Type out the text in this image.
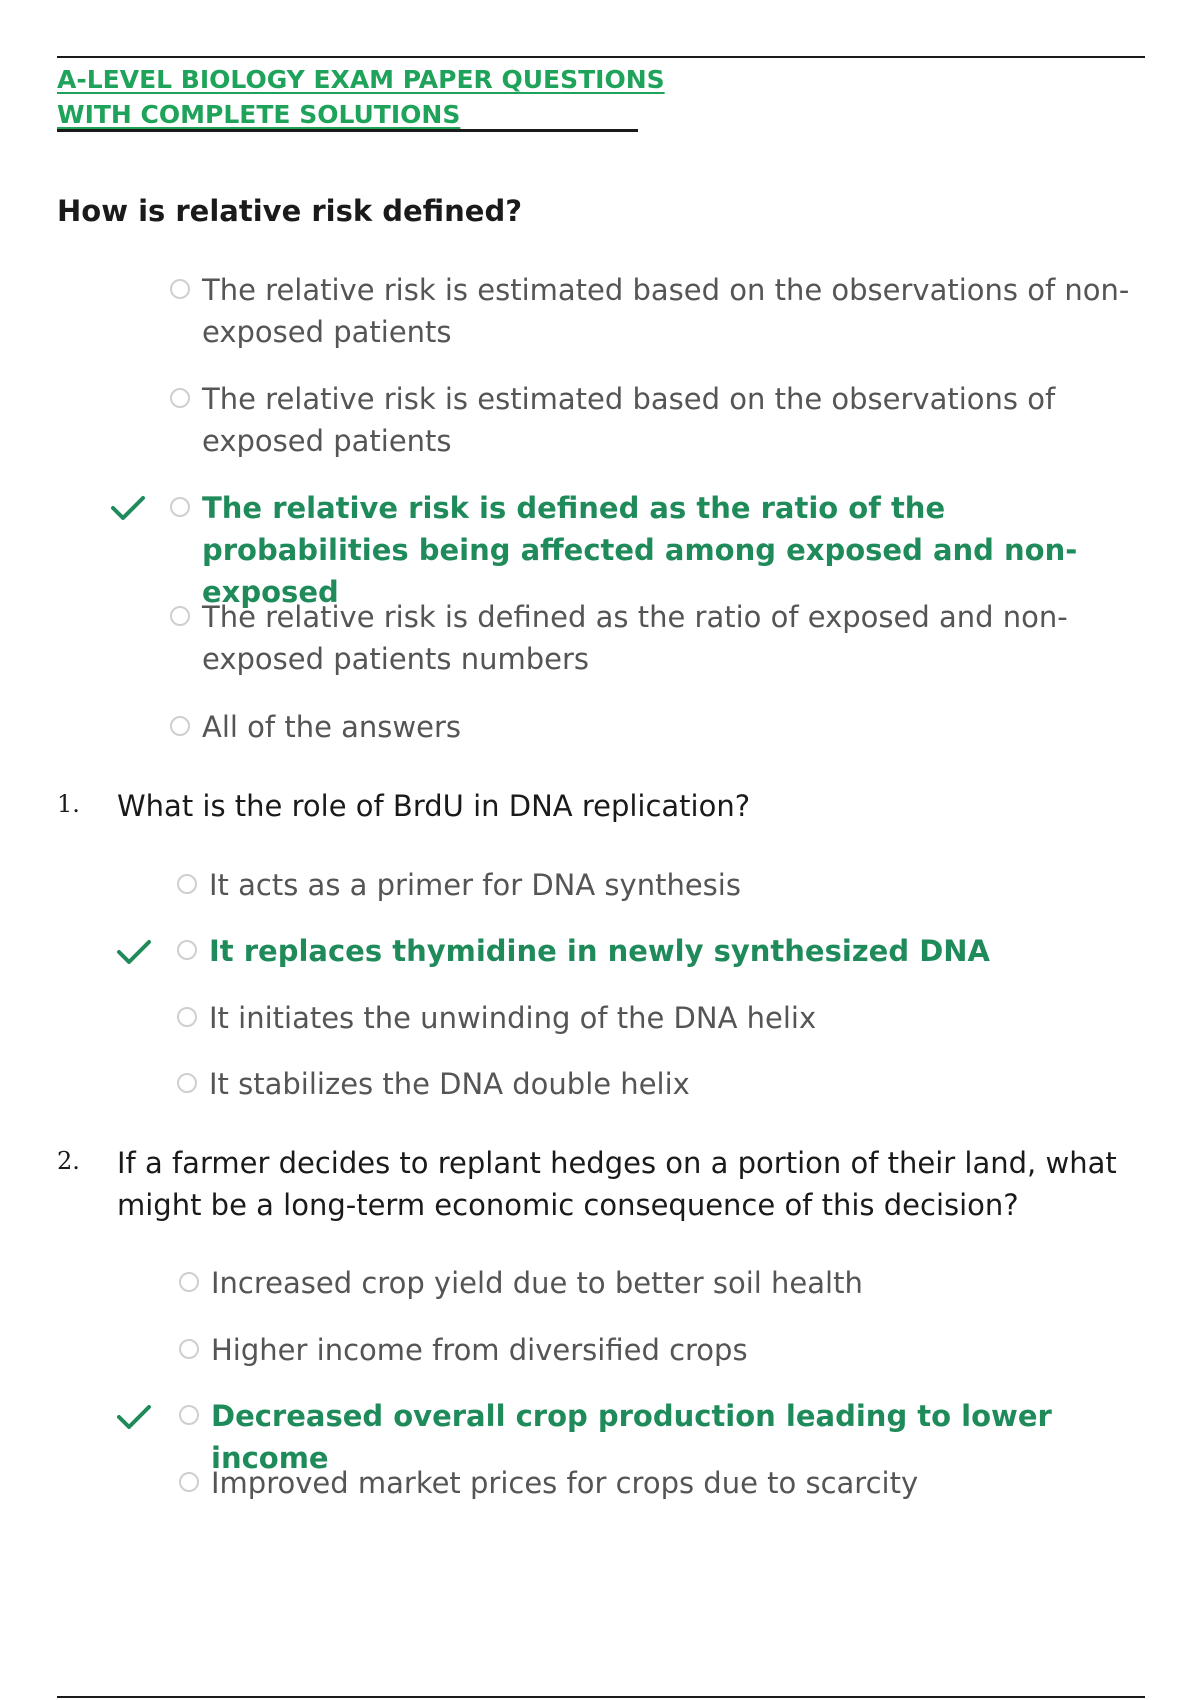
A-LEVEL BIOLOGY EXAM PAPER QUESTIONS
WITH COMPLETE SOLUTIONS
How is relative risk defined?
The relative risk is estimated based on the observations of non-exposed patients
The relative risk is estimated based on the observations of exposed patients
The relative risk is defined as the ratio of the probabilities being affected among exposed and non-exposed
The relative risk is defined as the ratio of exposed and non-exposed patients numbers
All of the answers
1. What is the role of BrdU in DNA replication?
It acts as a primer for DNA synthesis
It replaces thymidine in newly synthesized DNA
It initiates the unwinding of the DNA helix
It stabilizes the DNA double helix
2. If a farmer decides to replant hedges on a portion of their land, what might be a long-term economic consequence of this decision?
Increased crop yield due to better soil health
Higher income from diversified crops
Decreased overall crop production leading to lower income
Improved market prices for crops due to scarcity
